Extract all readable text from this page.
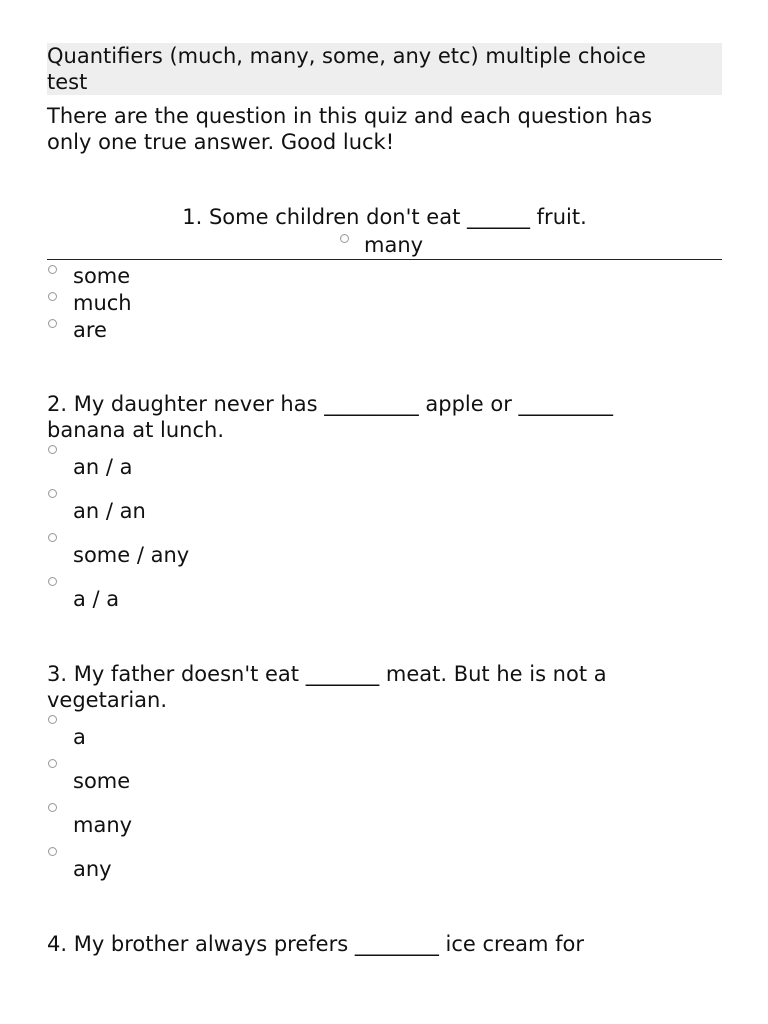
Quantifiers (much, many, some, any etc) multiple choice
test
There are the question in this quiz and each question has
only one true answer. Good luck!
1. Some children don't eat ______ fruit.
many
some
much
are
2. My daughter never has _________ apple or _________
banana at lunch.
an / a
an / an
some / any
a / a
3. My father doesn't eat _______ meat. But he is not a
vegetarian.
a
some
many
any
4. My brother always prefers ________ ice cream for
